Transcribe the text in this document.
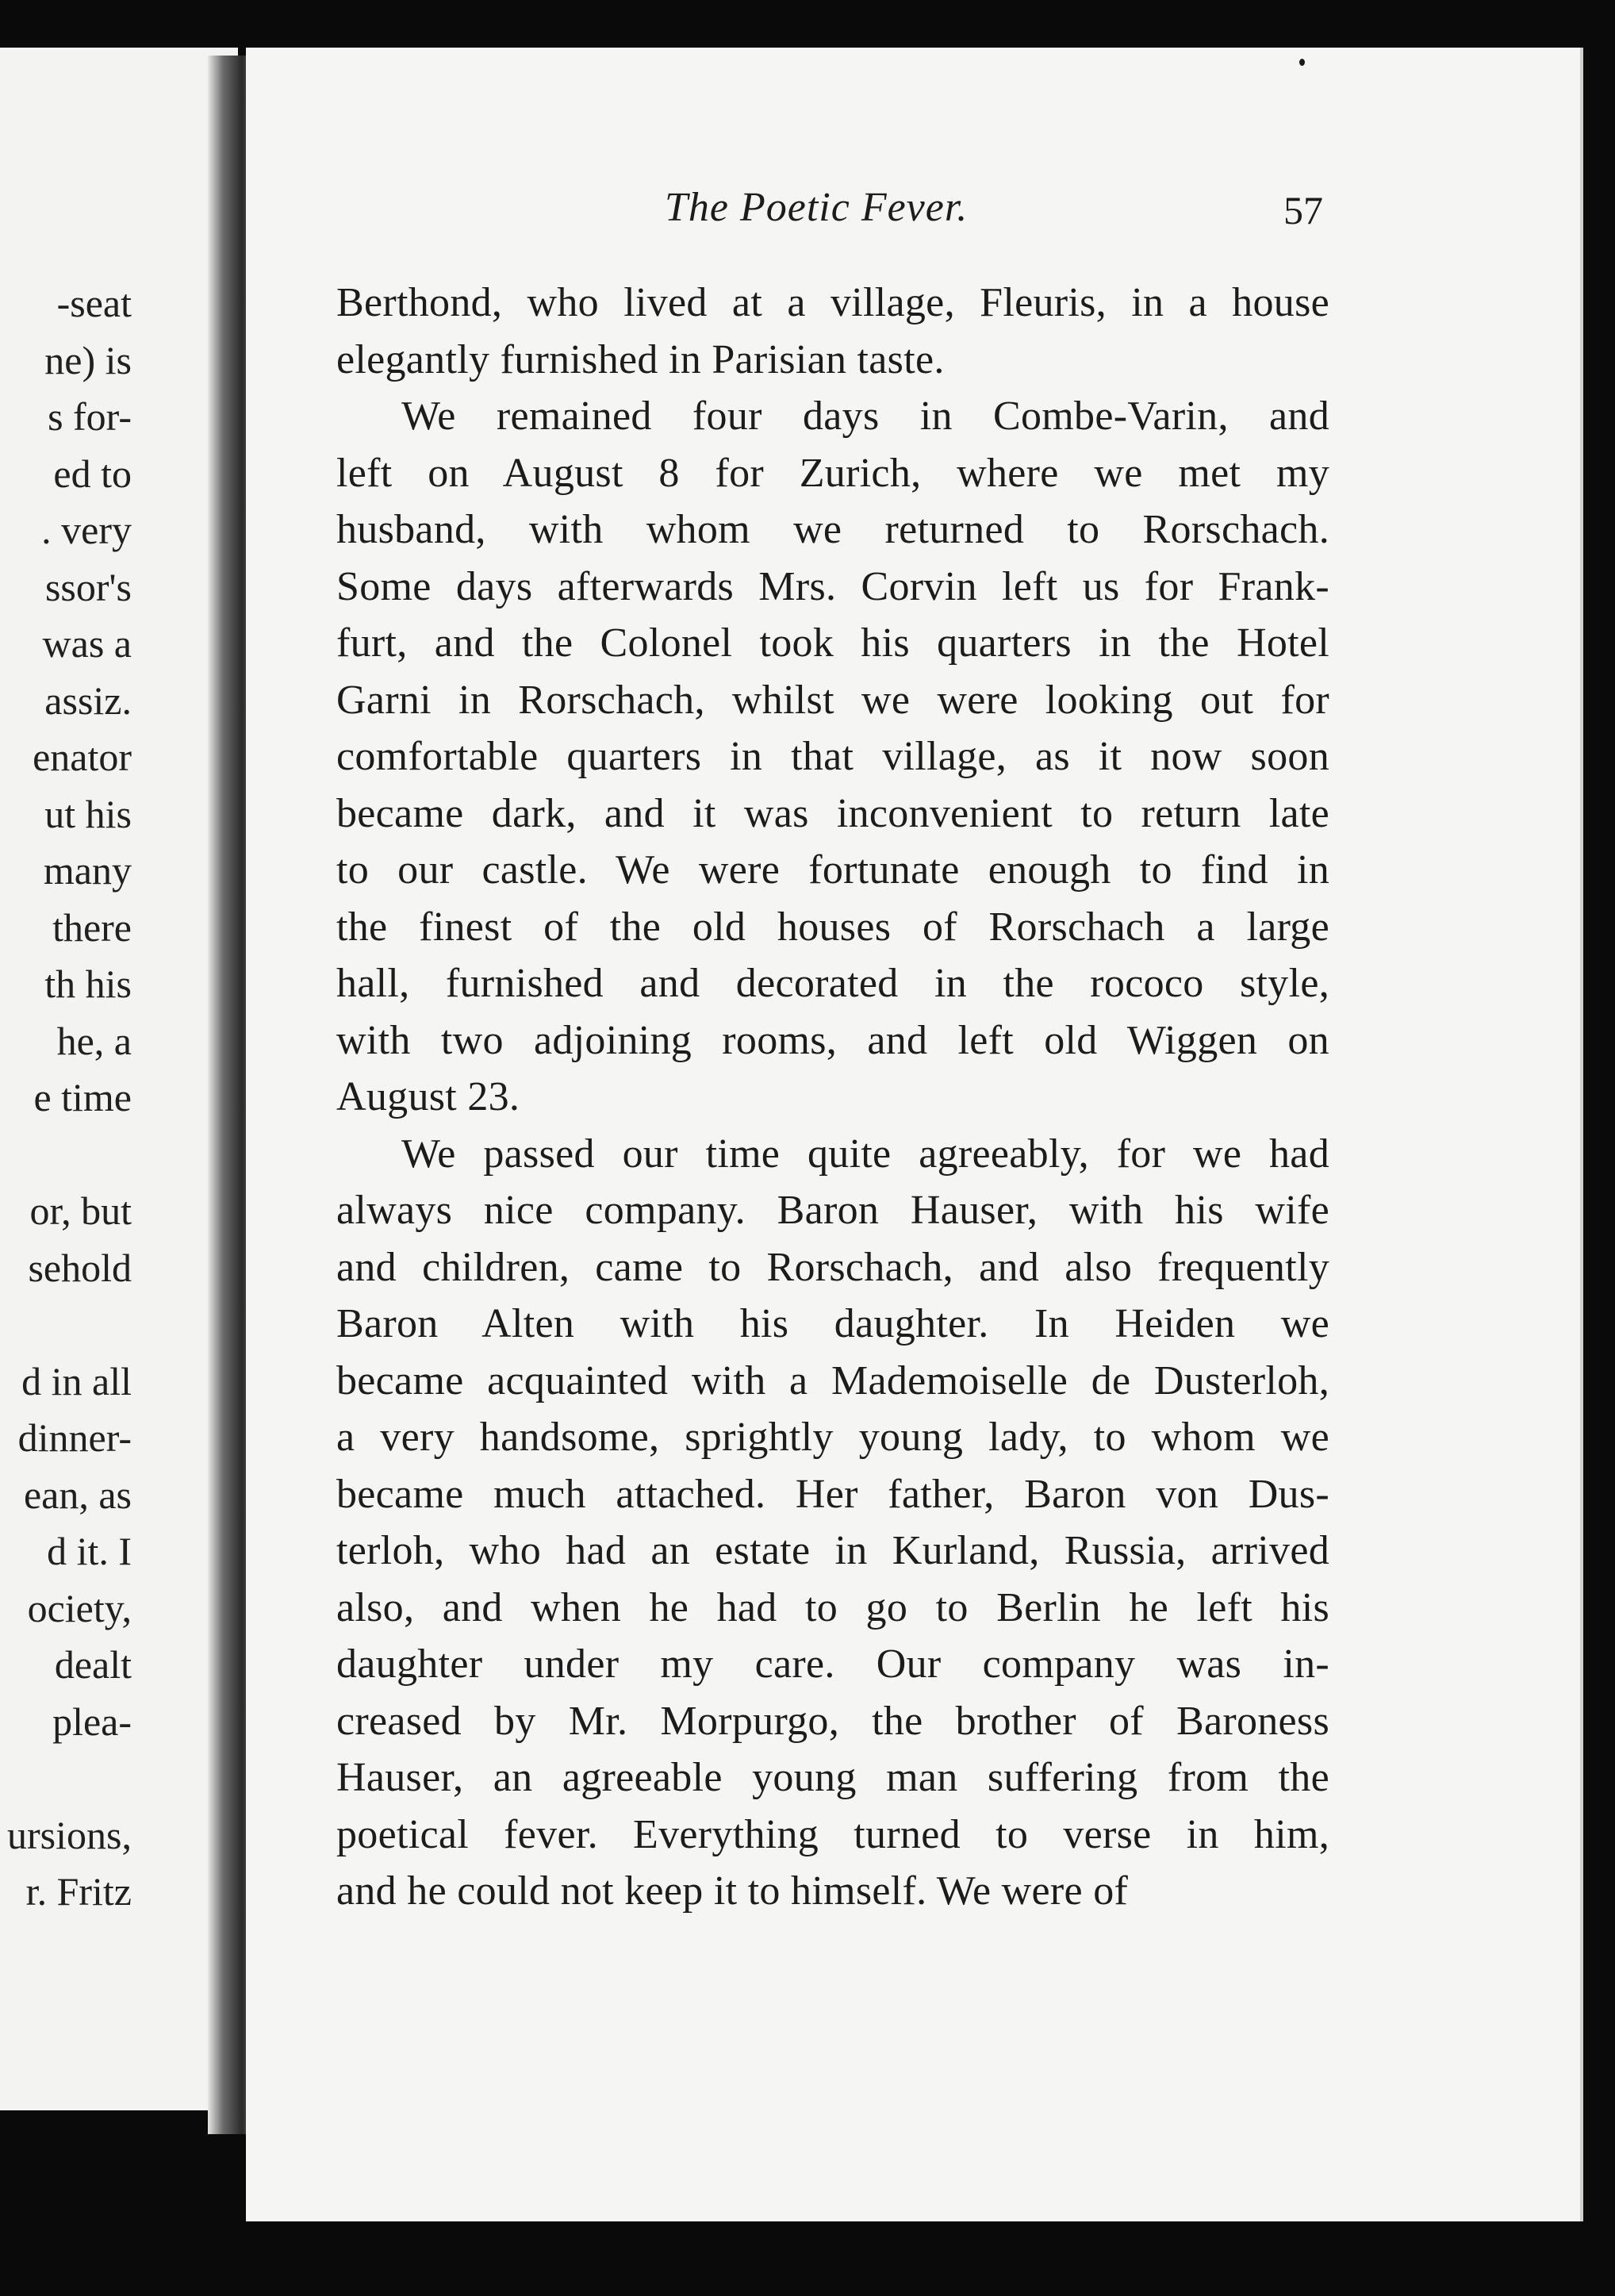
-seat
ne) is
s for-
ed to
. very
ssor's
was a
assiz.
enator
ut his
many
there
th his
he, a
e time
or, but
sehold
d in all
dinner-
ean, as
d it. I
ociety,
dealt
plea-
ursions,
r. Fritz
The Poetic Fever.	57
Berthond, who lived at a village, Fleuris, in a house
elegantly furnished in Parisian taste.
We remained four days in Combe-Varin, and
left on August 8 for Zurich, where we met my
husband, with whom we returned to Rorschach.
Some days afterwards Mrs. Corvin left us for Frank-
furt, and the Colonel took his quarters in the Hotel
Garni in Rorschach, whilst we were looking out for
comfortable quarters in that village, as it now soon
became dark, and it was inconvenient to return late
to our castle. We were fortunate enough to find in
the finest of the old houses of Rorschach a large
hall, furnished and decorated in the rococo style,
with two adjoining rooms, and left old Wiggen on
August 23.
We passed our time quite agreeably, for we had
always nice company. Baron Hauser, with his wife
and children, came to Rorschach, and also frequently
Baron Alten with his daughter. In Heiden we
became acquainted with a Mademoiselle de Dusterloh,
a very handsome, sprightly young lady, to whom we
became much attached. Her father, Baron von Dus-
terloh, who had an estate in Kurland, Russia, arrived
also, and when he had to go to Berlin he left his
daughter under my care. Our company was in-
creased by Mr. Morpurgo, the brother of Baroness
Hauser, an agreeable young man suffering from the
poetical fever. Everything turned to verse in him,
and he could not keep it to himself. We were of
